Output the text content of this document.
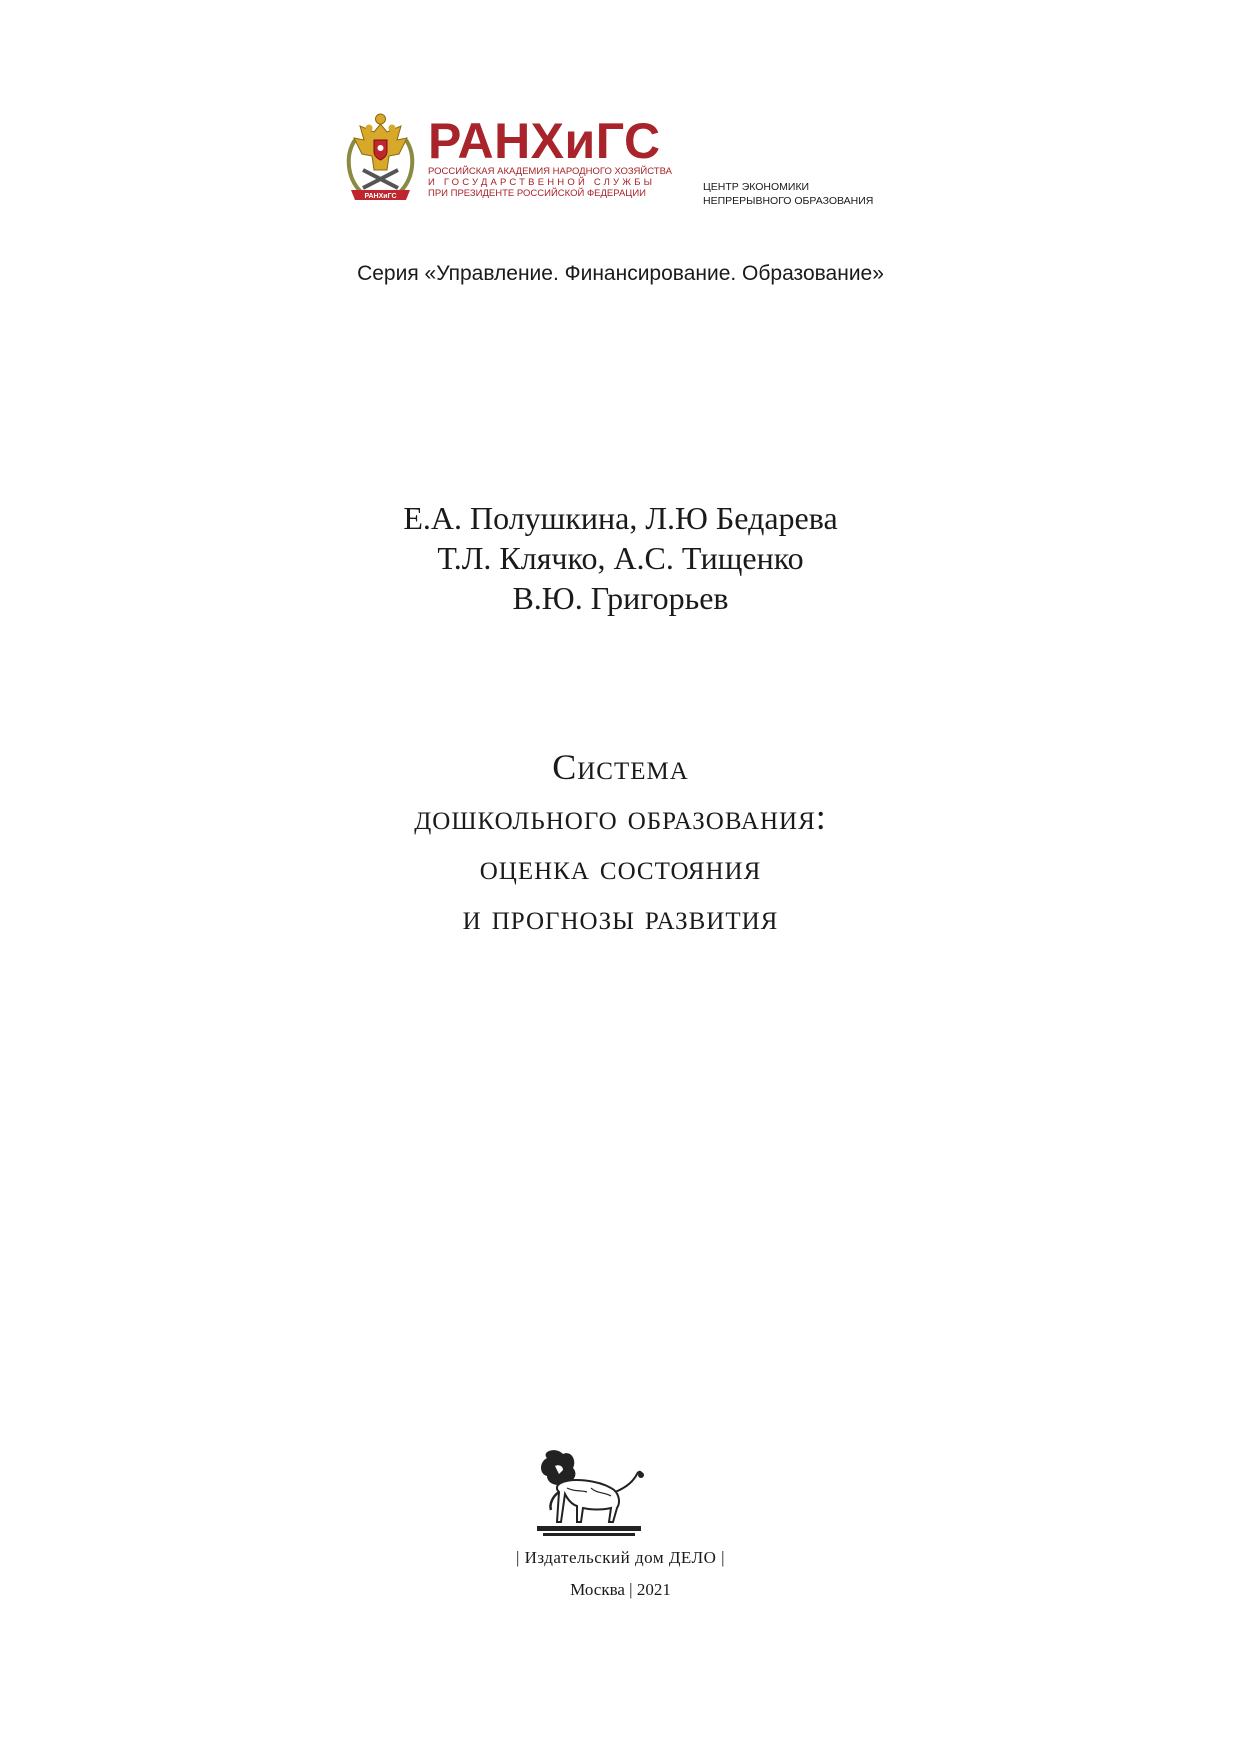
РАНХиГС
РАНХиГС
РОССИЙСКАЯ АКАДЕМИЯ НАРОДНОГО ХОЗЯЙСТВА
И ГОСУДАРСТВЕННОЙ СЛУЖБЫ
ПРИ ПРЕЗИДЕНТЕ РОССИЙСКОЙ ФЕДЕРАЦИИ
ЦЕНТР ЭКОНОМИКИ
НЕПРЕРЫВНОГО ОБРАЗОВАНИЯ
Серия «Управление. Финансирование. Образование»
Е.А. Полушкина, Л.Ю Бедарева
Т.Л. Клячко, А.С. Тищенко
В.Ю. Григорьев
Система
дошкольного образования:
оценка состояния
и прогнозы развития
| Издательский дом ДЕЛО |
Москва | 2021
